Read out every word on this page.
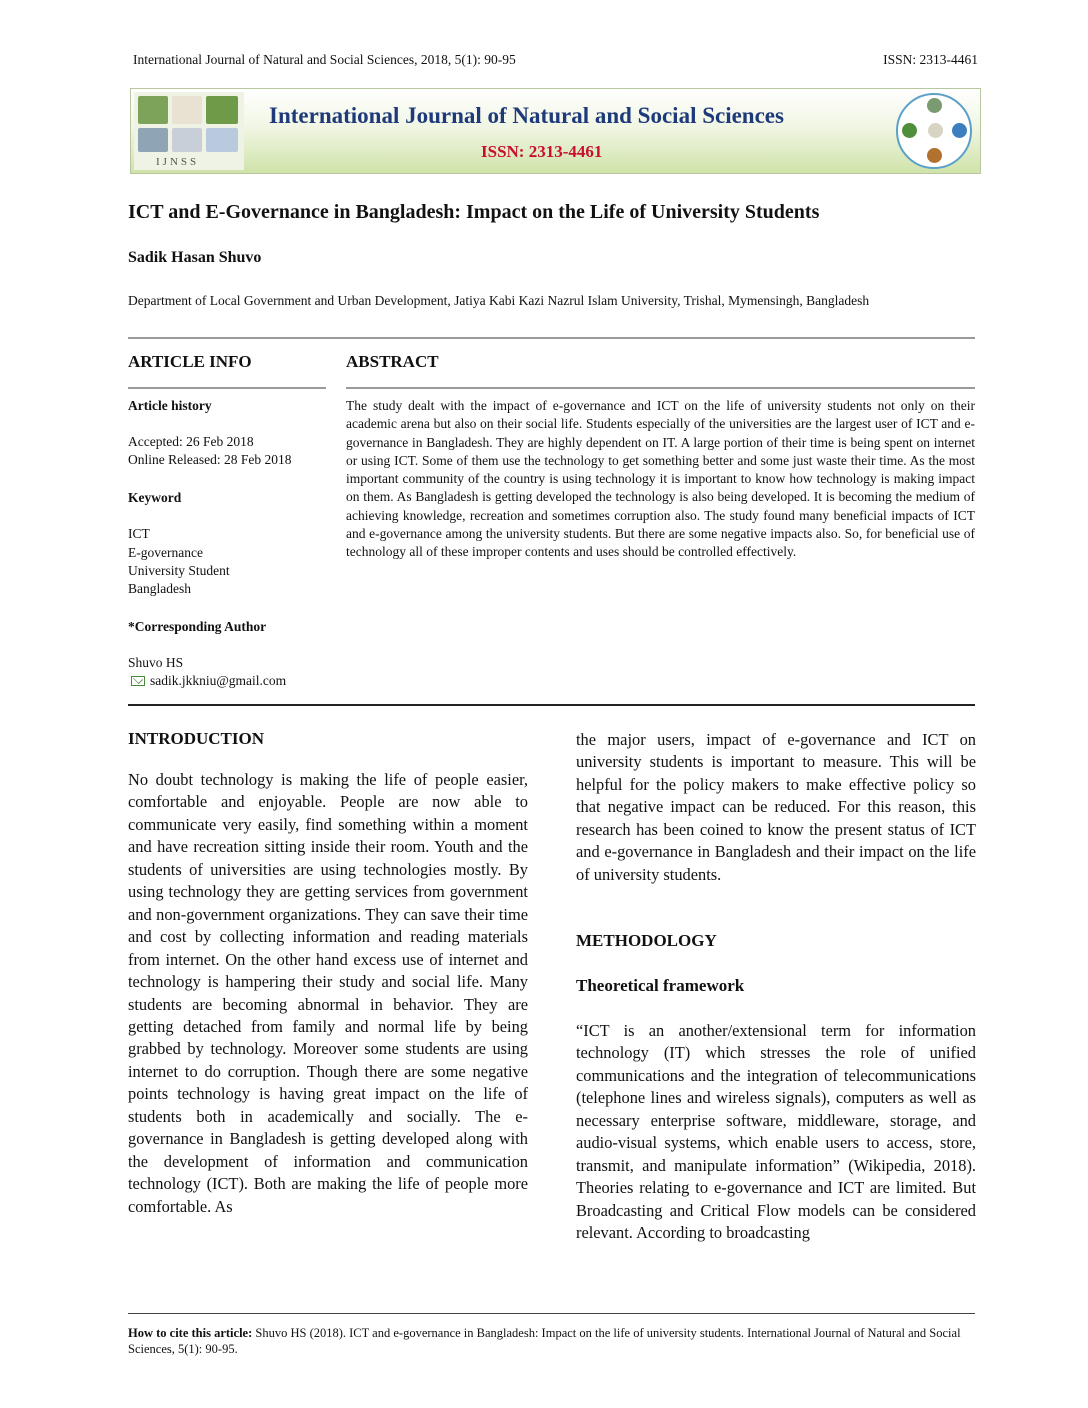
International Journal of Natural and Social Sciences, 2018, 5(1): 90-95	ISSN: 2313-4461
IJNSS
International Journal of Natural and Social Sciences
ISSN: 2313-4461
ICT and E-Governance in Bangladesh: Impact on the Life of University Students
Sadik Hasan Shuvo
Department of Local Government and Urban Development, Jatiya Kabi Kazi Nazrul Islam University, Trishal, Mymensingh, Bangladesh
ARTICLE INFO
Article history
Accepted: 26 Feb 2018
Online Released: 28 Feb 2018
Keyword
ICT
E-governance
University Student
Bangladesh
*Corresponding Author
Shuvo HS
sadik.jkkniu@gmail.com
ABSTRACT
The study dealt with the impact of e-governance and ICT on the life of university students not only on their academic arena but also on their social life. Students especially of the universities are the largest user of ICT and e-governance in Bangladesh. They are highly dependent on IT. A large portion of their time is being spent on internet or using ICT. Some of them use the technology to get something better and some just waste their time. As the most important community of the country is using technology it is important to know how technology is making impact on them. As Bangladesh is getting developed the technology is also being developed. It is becoming the medium of achieving knowledge, recreation and sometimes corruption also. The study found many beneficial impacts of ICT and e-governance among the university students. But there are some negative impacts also. So, for beneficial use of technology all of these improper contents and uses should be controlled effectively.
INTRODUCTION

No doubt technology is making the life of people easier, comfortable and enjoyable. People are now able to communicate very easily, find something within a moment and have recreation sitting inside their room. Youth and the students of universities are using technologies mostly. By using technology they are getting services from government and non-government organizations. They can save their time and cost by collecting information and reading materials from internet. On the other hand excess use of internet and technology is hampering their study and social life. Many students are becoming abnormal in behavior. They are getting detached from family and normal life by being grabbed by technology. Moreover some students are using internet to do corruption. Though there are some negative points technology is having great impact on the life of students both in academically and socially. The e-governance in Bangladesh is getting developed along with the development of information and communication technology (ICT). Both are making the life of people more comfortable. As

the major users, impact of e-governance and ICT on university students is important to measure. This will be helpful for the policy makers to make effective policy so that negative impact can be reduced. For this reason, this research has been coined to know the present status of ICT and e-governance in Bangladesh and their impact on the life of university students.

METHODOLOGY
Theoretical framework

“ICT is an another/extensional term for information technology (IT) which stresses the role of unified communications and the integration of telecommunications (telephone lines and wireless signals), computers as well as necessary enterprise software, middleware, storage, and audio-visual systems, which enable users to access, store, transmit, and manipulate information” (Wikipedia, 2018). Theories relating to e-governance and ICT are limited. But Broadcasting and Critical Flow models can be considered relevant. According to broadcasting

How to cite this article: Shuvo HS (2018). ICT and e-governance in Bangladesh: Impact on the life of university students. International Journal of Natural and Social Sciences, 5(1): 90-95.
